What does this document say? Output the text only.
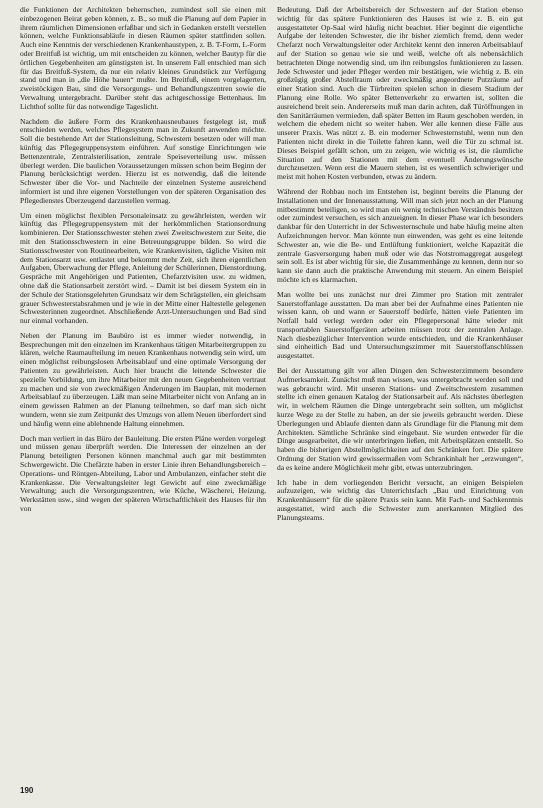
die Funktionen der Architekten behernschen, zumindest soll sie einen mit einbezogenen Beirat geben können, z. B., so muß die Planung auf dem Papier in ihrem räumlichen Dimensionen erfaßbar und sich in Gedanken erstellt verstellen können, welche Funktionsabläufe in diesen Räumen später stattfinden sollen. Auch eine Kenntnis der verschiedenen Krankenhaustypen, z. B. T-Form, L-Form oder Breitfuß ist wichtig, um mit entscheiden zu können, welcher Bautyp für die örtlichen Gegebenheiten am günstigsten ist. In unserem Fall entschied man sich für das Breitfuß-System, da nur ein relativ kleines Grundstück zur Verfügung stand und man in „die Höhe bauen“ mußte. Im Breitfuß, einem vorgelagerten, zweistöckigen Bau, sind die Versorgungs- und Behandlungszentren sowie die Verwaltung untergebracht. Darüber steht das achtgeschossige Bettenhaus. Im Lichthof sollte für das notwendige Tageslicht.

Nachdem die äußere Form des Krankenhausneubaues festgelegt ist, muß entschieden werden, welches Pflegesystem man in Zukunft anwenden möchte. Soll die bestehende Art der Stationsleitung, Schwestern besetzen oder will man künftig das Pflegegruppensystem einführen. Auf sonstige Einrichtungen wie Bettenzentrale, Zentralsterilisation, zentrale Speiseverteilung usw. müssen überlegt werden. Die baulichen Voraussetzungen müssen schon beim Beginn der Planung berücksichtigt werden. Hierzu ist es notwendig, daß die leitende Schwester über die Vor- und Nachteile der einzelnen Systeme ausreichend informiert ist und ihre eigenen Vorstellungen von der späteren Organisation des Pflegedienstes Überzeugend darzustellen vermag.

Um einen möglichst flexiblen Personaleinsatz zu gewährleisten, werden wir künftig das Pflegegruppensystem mit der herkömmlichen Stationsordnung kombinieren. Der Stationsschwester stehen zwei Zweitschwestern zur Seite, die mit den Stationsschwestern in eine Betreuungsgruppe bilden. So wird die Stationsschwester von Routinearbeiten, wie Krankenvisiten, tägliche Visiten mit dem Stationsarzt usw. entlastet und bekommt mehr Zeit, sich ihren eigentlichen Aufgaben, Überwachung der Pflege, Anleitung der Schülerinnen, Dienstordnung, Gespräche mit Angehörigen und Patienten, Chefarztvisiten usw. zu widmen, ohne daß die Stationsarbeit zerstört wird. – Damit ist bei diesem System ein in der Schule der Stationsgelehrten Grundsatz wir dem Schrägstellen, ein gleichsam grauer Schwesterstabsrahmen und je wie in der Mitte einer Haltestelle gelegenen Schwesterinnen zugeordnet. Abschließende Arzt-Untersuchungen und Bad sind nur einmal vorhanden.

Neben der Planung im Baubüro ist es immer wieder notwendig, in Besprechungen mit den einzelnen im Krankenhaus tätigen Mitarbeitergruppen zu klären, welche Raumaufteilung im neuen Krankenhaus notwendig sein wird, um einen möglichst reibungslosen Arbeitsablauf und eine optimale Versorgung der Patienten zu gewährleisten. Auch hier braucht die leitende Schwester die spezielle Vorbildung, um ihre Mitarbeiter mit den neuen Gegebenheiten vertraut zu machen und sie von zweckmäßigen Änderungen im Bauplan, mit modernen Arbeitsablauf zu überzeugen. Läßt man seine Mitarbeiter nicht von Anfang an in einem gewissen Rahmen an der Planung teilnehmen, so darf man sich nicht wundern, wenn sie zum Zeitpunkt des Umzugs von allem Neuen überfordert sind und häufig wenn eine ablehnende Haltung einnehmen.

Doch man verliert in das Büro der Bauleitung. Die ersten Pläne werden vorgelegt und müssen genau überprüft werden. Die Interessen der einzelnen an der Planung beteiligten Personen können manchmal auch gar mit bestimmten Schwergewicht. Die Chefärzte haben in erster Linie ihren Behandlungsbereich – Operations- und Röntgen-Abteilung, Labor und Ambulanzen, einfacher steht die Krankenkasse. Die Verwaltungsleiter legt Gewicht auf eine zweckmäßige Verwaltung; auch die Versorgungszentren, wie Küche, Wäscherei, Heizung, Werkstätten usw., sind wegen der späteren Wirtschaftlichkeit des Hauses für ihn von

Bedeutung. Daß der Arbeitsbereich der Schwestern auf der Station ebenso wichtig für das spätere Funktionieren des Hauses ist wie z. B. ein gut ausgestatteter Op-Saal wird häufig nicht beachtet. Hier beginnt die eigentliche Aufgabe der leitenden Schwester, die ihr bisher ziemlich fremd, denn weder Chefarzt noch Verwaltungsleiter oder Architekt kennt den inneren Arbeitsablauf auf der Station so genau wie sie und weiß, welche oft als nebensächlich betrachteten Dinge notwendig sind, um ihn reibungslos funktionieren zu lassen. Jede Schwester und jeder Pfleger werden mir bestätigen, wie wichtig z. B. ein großzügig großer Abstellraum oder zweckmäßig angeordnete Putzräume auf einer Station sind. Auch die Türbreiten spielen schon in diesem Stadium der Planung eine Rolle. Wo später Bettenverkehr zu erwarten ist, sollten die ausreichend breit sein. Andererseits muß man darin achten, daß Türöffnungen in den Sanitärräumen vermieden, daß später Betten im Raum geschoben werden, in welchem die ehedem nicht so weiter haben. Wer alle kennen diese Fälle aus unserer Praxis. Was nützt z. B. ein moderner Schwesternstuhl, wenn nun den Patienten nicht direkt in die Toilette fahren kann, weil die Tür zu schmal ist. Dieses Beispiel gefällt schon, um zu zeigen, wie wichtig es ist, die räumliche Situation auf den Stationen mit dem eventuell Änderungswünsche durchzusetzen. Wenn erst die Mauern stehen, ist es wesentlich schwieriger und meist mit hohen Kosten verbunden, etwas zu ändern.

Während der Rohbau noch im Entstehen ist, beginnt bereits die Planung der Installationen und der Innenausstattung. Will man sich jetzt noch an der Planung mitbestimmt beteiligen, so wird man ein wenig technischen Verständnis besitzen oder zumindest versuchen, es sich anzueignen. In dieser Phase war ich besonders dankbar für den Unterricht in der Schwesternschule und habe häufig meine alten Aufzeichnungen hervor. Man könnte nun einwenden, was geht es eine leitende Schwester an, wie die Be- und Entlüftung funktioniert, welche Kapazität die zentrale Gasversorgung haben muß oder wie das Notstromaggregat ausgelegt sein soll. Es ist aber wichtig für sie, die Zusammenhänge zu kennen, denn nur so kann sie dann auch die praktische Anwendung mit steuern. An einem Beispiel möchte ich es klarmachen.

Man wollte bei uns zunächst nur drei Zimmer pro Station mit zentraler Sauerstoffanlage ausstatten. Da man aber bei der Aufnahme eines Patienten nie wissen kann, ob und wann er Sauerstoff bedürfe, hätten viele Patienten im Notfall bald verlegt werden oder ein Pflegepersonal hätte wieder mit transportablen Sauerstoffgeräten arbeiten müssen trotz der zentralen Anlage. Nach diesbezüglicher Intervention wurde entschieden, und die Krankenhäuser sind einheitlich Bad und Untersuchungszimmer mit Sauerstoffanschlüssen ausgestattet.

Bei der Ausstattung gilt vor allen Dingen den Schwesterzimmern besondere Aufmerksamkeit. Zunächst muß man wissen, was untergebracht werden soll und was gebraucht wird. Mit unseren Stations- und Zweitschwestern zusammen stellte ich einen genauen Katalog der Stationsarbeit auf. Als nächstes überlegten wir, in welchem Räumen die Dinge untergebracht sein sollten, um möglichst kurze Wege zu der Stelle zu haben, an der sie jeweils gebraucht werden. Diese Überlegungen und Ablaufe dienten dann als Grundlage für die Planung mit dem Architekten. Sämtliche Schränke sind eingebaut. Sie wurden entweder für die Dinge ausgearbeitet, die wir unterbringen ließen, mit Arbeitsplätzen entstellt. So haben die bisherigen Abstellmöglichkeiten auf den Schränken fort. Die spätere Ordnung der Station wird gewissermaßen vom Schrankinhalt her „erzwungen“, da es keine andere Möglichkeit mehr gibt, etwas unterzubringen.

Ich habe in dem vorliegenden Bericht versucht, an einigen Beispielen aufzuzeigen, wie wichtig das Unterrichtsfach „Bau und Einrichtung von Krankenhäusern“ für die spätere Praxis sein kann. Mit Fach- und Sachkenntnis ausgestattet, wird auch die Schwester zum anerkannten Mitglied des Planungsteams.

190
